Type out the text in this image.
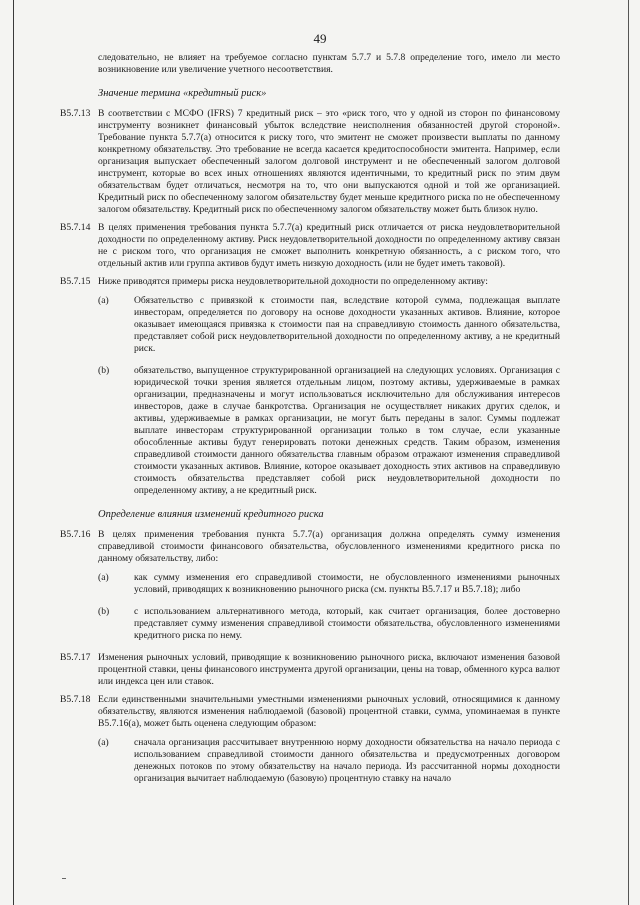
49

следовательно, не влияет на требуемое согласно пунктам 5.7.7 и 5.7.8 определение того, имело ли место возникновение или увеличение учетного несоответствия.

Значение термина «кредитный риск»
B5.7.13 В соответствии с МСФО (IFRS) 7 кредитный риск – это «риск того, что у одной из сторон по финансовому инструменту возникнет финансовый убыток вследствие неисполнения обязанностей другой стороной». Требование пункта 5.7.7(a) относится к риску того, что эмитент не сможет произвести выплаты по данному конкретному обязательству. Это требование не всегда касается кредитоспособности эмитента. Например, если организация выпускает обеспеченный залогом долговой инструмент и не обеспеченный залогом долговой инструмент, которые во всех иных отношениях являются идентичными, то кредитный риск по этим двум обязательствам будет отличаться, несмотря на то, что они выпускаются одной и той же организацией. Кредитный риск по обеспеченному залогом обязательству будет меньше кредитного риска по не обеспеченному залогом обязательству. Кредитный риск по обеспеченному залогом обязательству может быть близок нулю.
B5.7.14 В целях применения требования пункта 5.7.7(a) кредитный риск отличается от риска неудовлетворительной доходности по определенному активу. Риск неудовлетворительной доходности по определенному активу связан не с риском того, что организация не сможет выполнить конкретную обязанность, а с риском того, что отдельный актив или группа активов будут иметь низкую доходность (или не будет иметь таковой).
B5.7.15 Ниже приводятся примеры риска неудовлетворительной доходности по определенному активу:
(a)	Обязательство с привязкой к стоимости пая, вследствие которой сумма, подлежащая выплате инвесторам, определяется по договору на основе доходности указанных активов. Влияние, которое оказывает имеющаяся привязка к стоимости пая на справедливую стоимость данного обязательства, представляет собой риск неудовлетворительной доходности по определенному активу, а не кредитный риск.
(b)	обязательство, выпущенное структурированной организацией на следующих условиях. Организация с юридической точки зрения является отдельным лицом, поэтому активы, удерживаемые в рамках организации, предназначены и могут использоваться исключительно для обслуживания интересов инвесторов, даже в случае банкротства. Организация не осуществляет никаких других сделок, и активы, удерживаемые в рамках организации, не могут быть переданы в залог. Суммы подлежат выплате инвесторам структурированной организации только в том случае, если указанные обособленные активы будут генерировать потоки денежных средств. Таким образом, изменения справедливой стоимости данного обязательства главным образом отражают изменения справедливой стоимости указанных активов. Влияние, которое оказывает доходность этих активов на справедливую стоимость обязательства представляет собой риск неудовлетворительной доходности по определенному активу, а не кредитный риск.
Определение влияния изменений кредитного риска
B5.7.16 В целях применения требования пункта 5.7.7(a) организация должна определять сумму изменения справедливой стоимости финансового обязательства, обусловленного изменениями кредитного риска по данному обязательству, либо:
(a)	как сумму изменения его справедливой стоимости, не обусловленного изменениями рыночных условий, приводящих к возникновению рыночного риска (см. пункты B5.7.17 и B5.7.18); либо
(b)	с использованием альтернативного метода, который, как считает организация, более достоверно представляет сумму изменения справедливой стоимости обязательства, обусловленного изменениями кредитного риска по нему.
B5.7.17 Изменения рыночных условий, приводящие к возникновению рыночного риска, включают изменения базовой процентной ставки, цены финансового инструмента другой организации, цены на товар, обменного курса валют или индекса цен или ставок.
B5.7.18 Если единственными значительными уместными изменениями рыночных условий, относящимися к данному обязательству, являются изменения наблюдаемой (базовой) процентной ставки, сумма, упоминаемая в пункте B5.7.16(a), может быть оценена следующим образом:
(a)	сначала организация рассчитывает внутреннюю норму доходности обязательства на начало периода с использованием справедливой стоимости данного обязательства и предусмотренных договором денежных потоков по этому обязательству на начало периода. Из рассчитанной нормы доходности организация вычитает наблюдаемую (базовую) процентную ставку на начало
